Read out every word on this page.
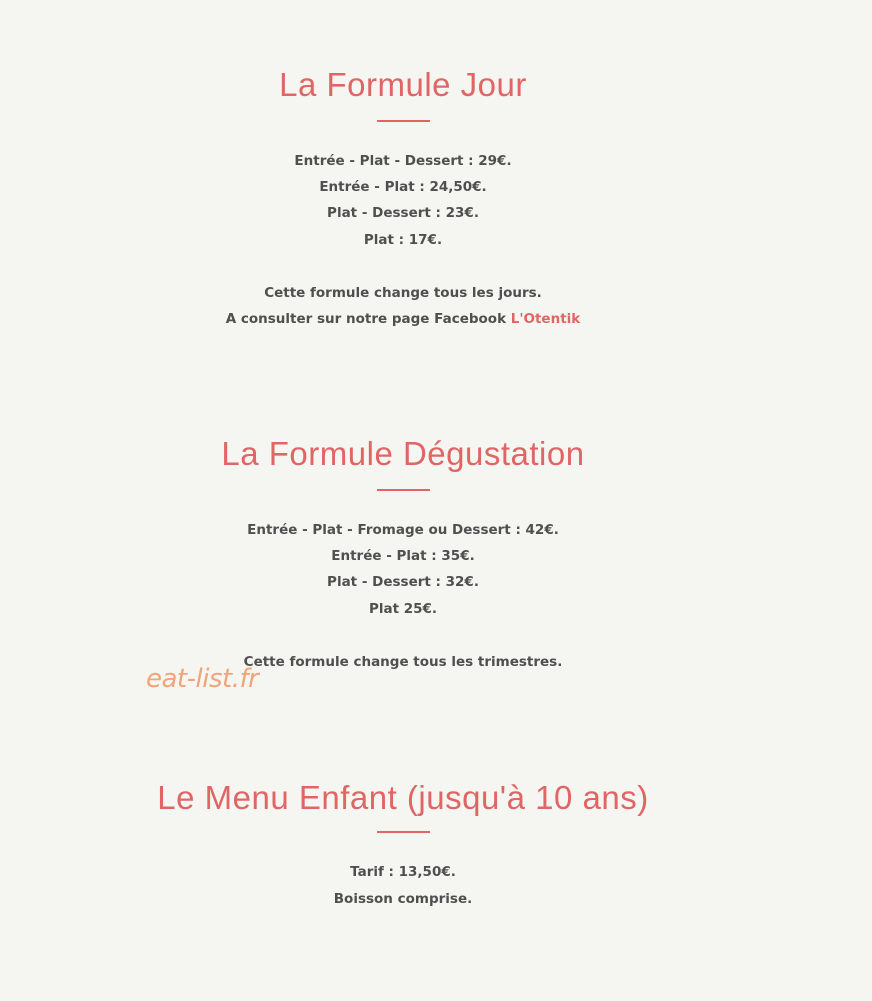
La Formule Jour
Entrée - Plat - Dessert : 29€.
Entrée - Plat : 24,50€.
Plat - Dessert : 23€.
Plat : 17€.
Cette formule change tous les jours.
A consulter sur notre page Facebook L'Otentik
La Formule Dégustation
Entrée - Plat - Fromage ou Dessert : 42€.
Entrée - Plat : 35€.
Plat - Dessert : 32€.
Plat 25€.
Cette formule change tous les trimestres.
eat-list.fr
Le Menu Enfant (jusqu'à 10 ans)
Tarif : 13,50€.
Boisson comprise.
